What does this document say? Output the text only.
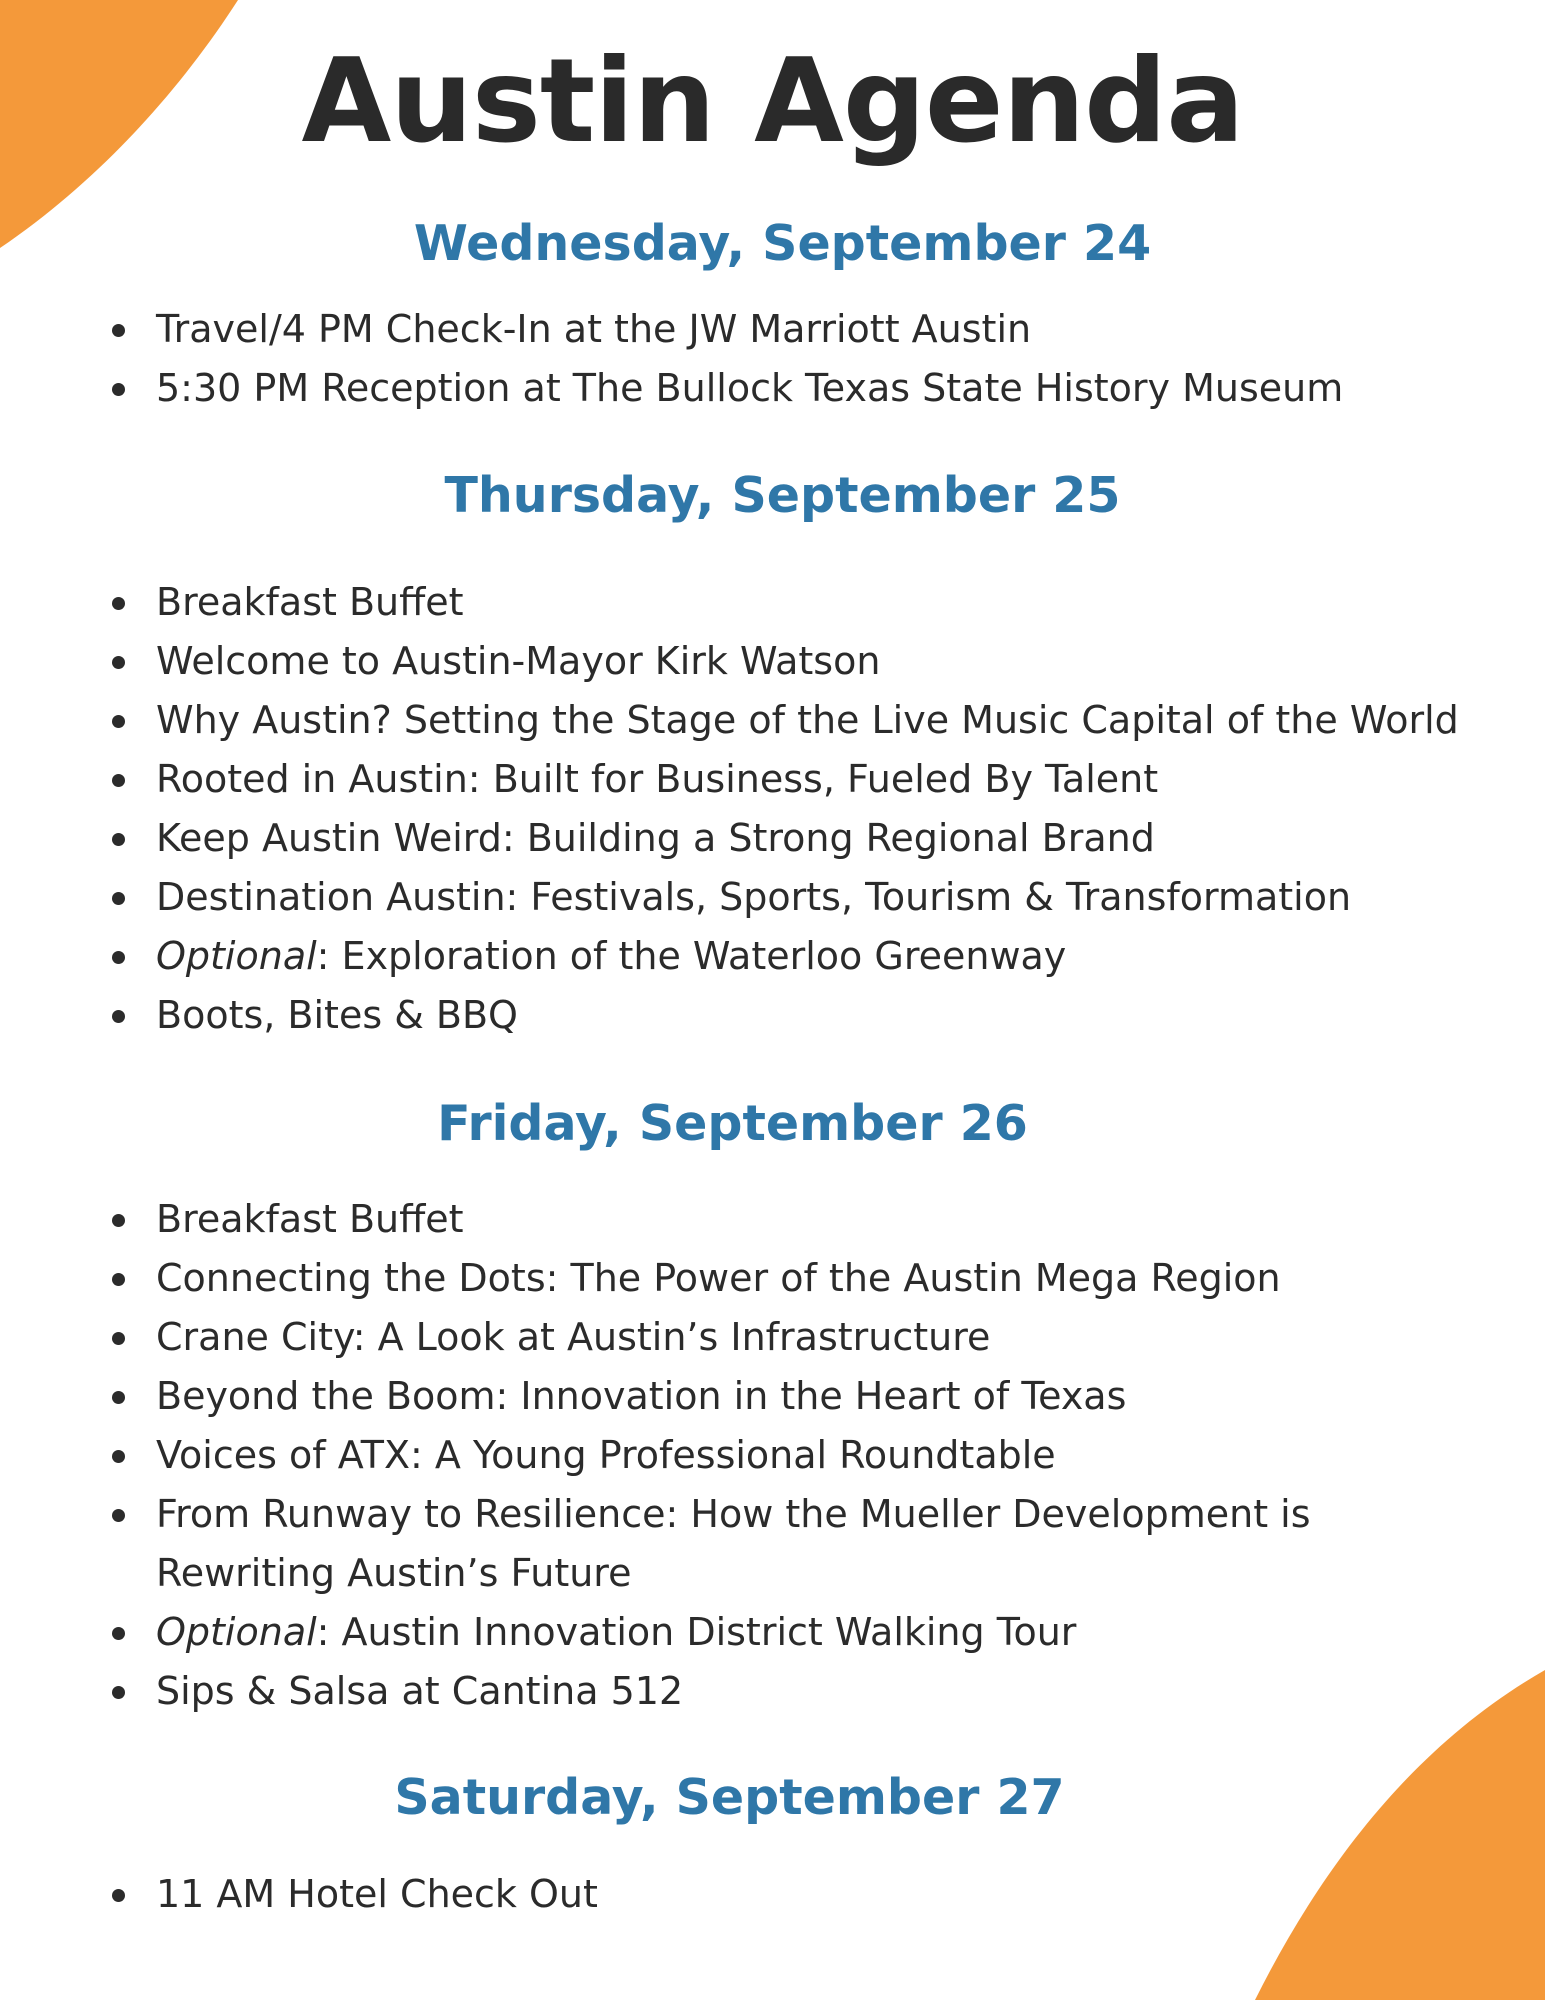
Austin Agenda
Wednesday, September 24
Travel/4 PM Check-In at the JW Marriott Austin
5:30 PM Reception at The Bullock Texas State History Museum
Thursday, September 25
Breakfast Buffet
Welcome to Austin-Mayor Kirk Watson
Why Austin? Setting the Stage of the Live Music Capital of the World
Rooted in Austin: Built for Business, Fueled By Talent
Keep Austin Weird: Building a Strong Regional Brand
Destination Austin: Festivals, Sports, Tourism & Transformation
Optional: Exploration of the Waterloo Greenway
Boots, Bites & BBQ
Friday, September 26
Breakfast Buffet
Connecting the Dots: The Power of the Austin Mega Region
Crane City: A Look at Austin’s Infrastructure
Beyond the Boom: Innovation in the Heart of Texas
Voices of ATX: A Young Professional Roundtable
From Runway to Resilience: How the Mueller Development is Rewriting Austin’s Future
Optional: Austin Innovation District Walking Tour
Sips & Salsa at Cantina 512
Saturday, September 27
11 AM Hotel Check Out
